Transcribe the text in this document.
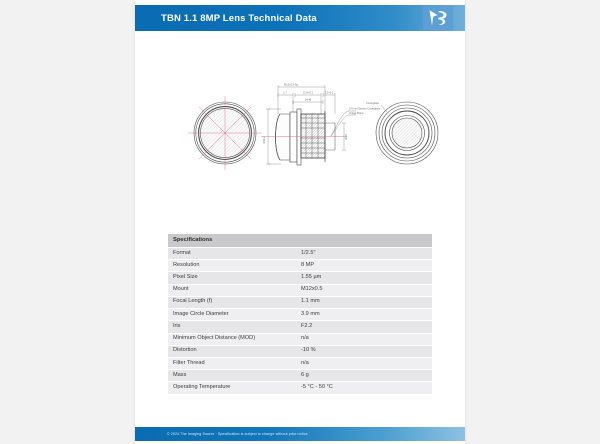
TBN 1.1 8MP Lens Technical Data
M12x0.5-6g
1.7	11.8+0.1	2.2+0.1
14.46
Ø13.2
0.4 mm Sensor Coverglass
Image Plane
Ø3.9
Coverglass
Specifications	
Format	1/2.5"
Resolution	8 MP
Pixel Size	1.55 µm
Mount	M12x0.5
Focal Length (f)	1.1 mm
Image Circle Diameter	3.9 mm
Iris	F2.2
Minimum Object Distance (MOD)	n/a
Distortion	-10 %
Filter Thread	n/a
Mass	6 g
Operating Temperature	-5 °C - 50 °C
© 2024 The Imaging Source · Specification is subject to change without prior notice
